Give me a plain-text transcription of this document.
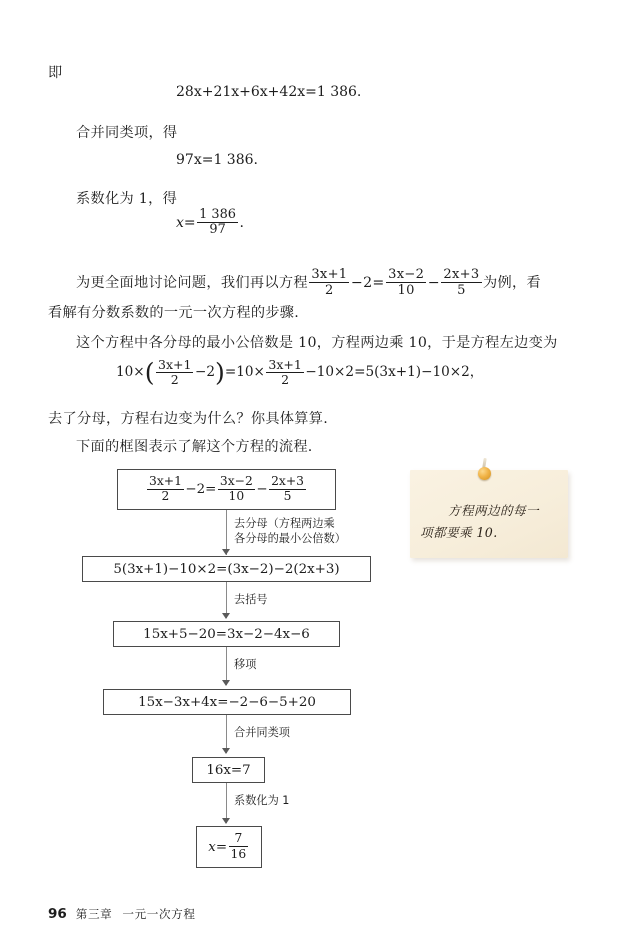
即
28x+21x+6x+42x=1 386.
合并同类项，得
97x=1 386.
系数化为 1，得
$x= \frac{1 386}{97}$ .
为更全面地讨论问题，我们再以方程 $\frac{3x+1}{2} -2= \frac{3x-2}{10} - \frac{2x+3}{5}$ 为例，看
看解有分数系数的一元一次方程的步骤.
这个方程中各分母的最小公倍数是 10，方程两边乘 10，于是方程左边变为
$10\times( \frac{3x+1}{2} -2)=10\times \frac{3x+1}{2} -10\times 2=5(3x+1)-10\times 2$，
去了分母，方程右边变为什么？你具体算算.
下面的框图表示了解这个方程的流程.
$\frac{3x+1}{2} -2= \frac{3x-2}{10} - \frac{2x+3}{5}$
去分母（方程两边乘
各分母的最小公倍数）
5(3x+1)−10×2=(3x−2)−2(2x+3)
去括号
15x+5−20=3x−2−4x−6
移项
15x−3x+4x=−2−6−5+20
合并同类项
16x=7
系数化为 1
$x= \frac{7}{16}$
方程两边的每一
项都要乘 10.
96 第三章 一元一次方程
